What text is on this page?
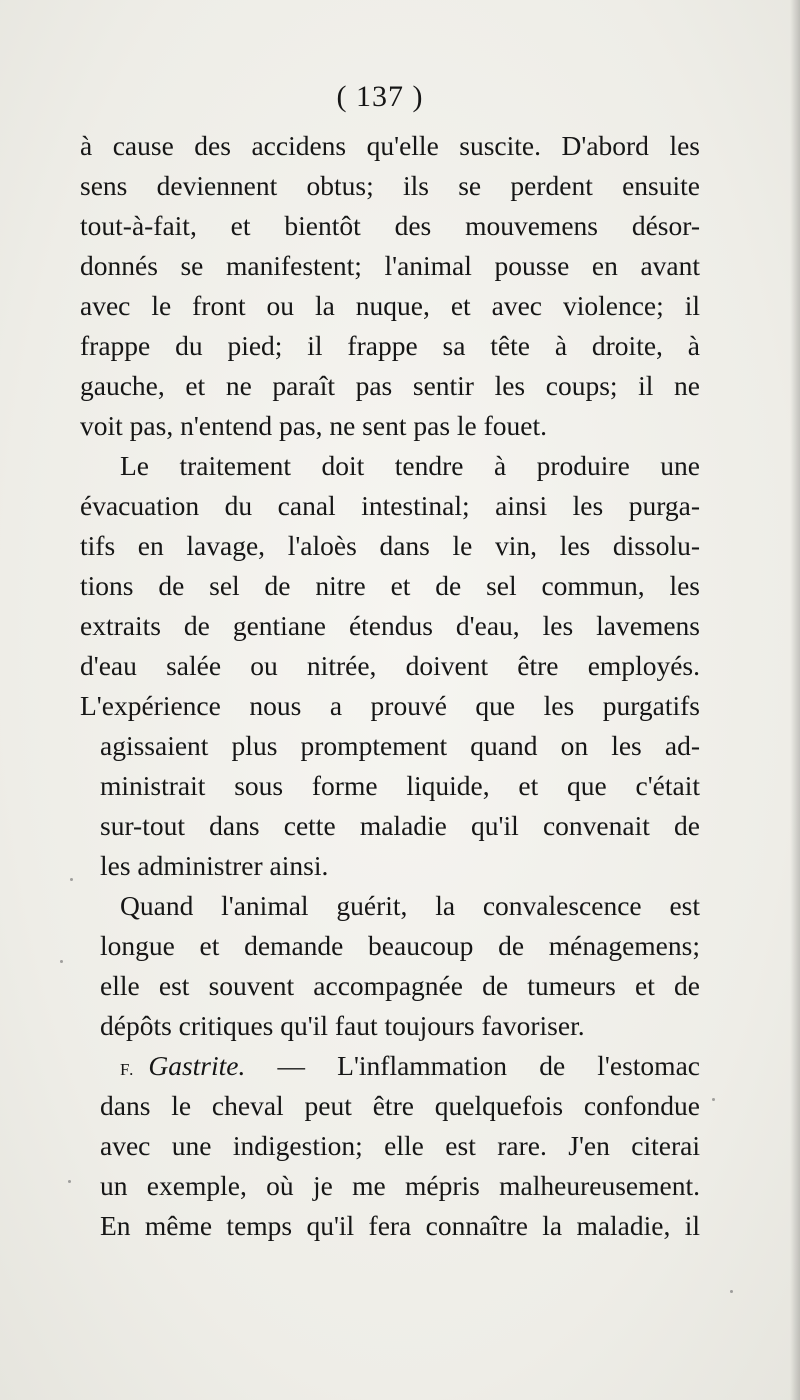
( 137 )
à cause des accidens qu'elle suscite. D'abord les
sens deviennent obtus; ils se perdent ensuite
tout-à-fait, et bientôt des mouvemens désor-
donnés se manifestent; l'animal pousse en avant
avec le front ou la nuque, et avec violence; il
frappe du pied; il frappe sa tête à droite, à
gauche, et ne paraît pas sentir les coups; il ne
voit pas, n'entend pas, ne sent pas le fouet.
Le traitement doit tendre à produire une
évacuation du canal intestinal; ainsi les purga-
tifs en lavage, l'aloès dans le vin, les dissolu-
tions de sel de nitre et de sel commun, les
extraits de gentiane étendus d'eau, les lavemens
d'eau salée ou nitrée, doivent être employés.
L'expérience nous a prouvé que les purgatifs
agissaient plus promptement quand on les ad-
ministrait sous forme liquide, et que c'était
sur-tout dans cette maladie qu'il convenait de
les administrer ainsi.
Quand l'animal guérit, la convalescence est
longue et demande beaucoup de ménagemens;
elle est souvent accompagnée de tumeurs et de
dépôts critiques qu'il faut toujours favoriser.
F. Gastrite. — L'inflammation de l'estomac
dans le cheval peut être quelquefois confondue
avec une indigestion; elle est rare. J'en citerai
un exemple, où je me mépris malheureusement.
En même temps qu'il fera connaître la maladie, il
